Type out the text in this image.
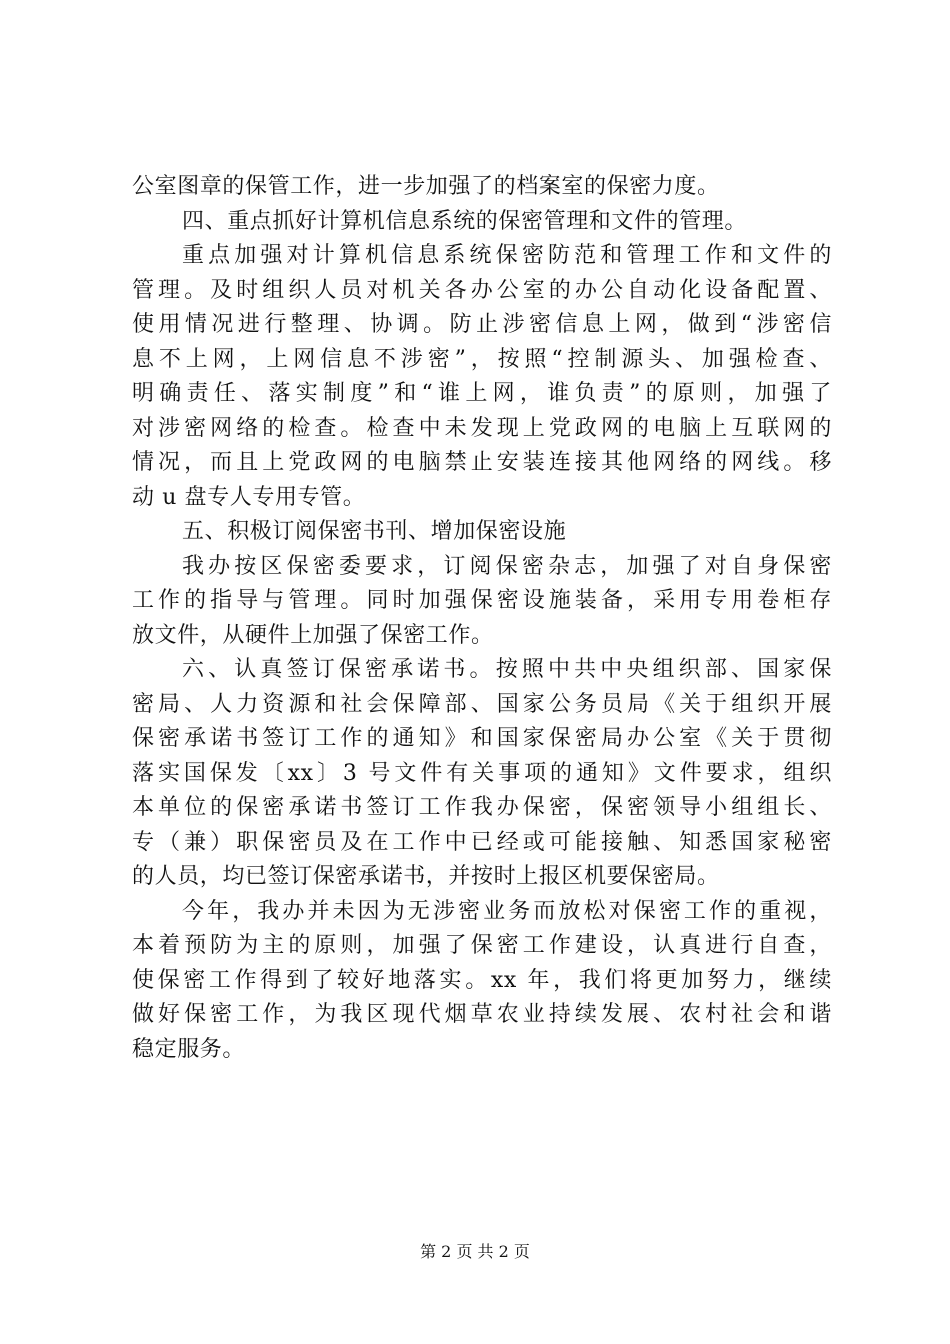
公室图章的保管工作，进一步加强了的档案室的保密力度。
四、重点抓好计算机信息系统的保密管理和文件的管理。
重点加强对计算机信息系统保密防范和管理工作和文件的
管理。及时组织人员对机关各办公室的办公自动化设备配置、
使用情况进行整理、协调。防止涉密信息上网，做到“涉密信
息不上网，上网信息不涉密”，按照“控制源头、加强检查、
明确责任、落实制度”和“谁上网，谁负责”的原则，加强了
对涉密网络的检查。检查中未发现上党政网的电脑上互联网的
情况，而且上党政网的电脑禁止安装连接其他网络的网线。移
动 u 盘专人专用专管。
五、积极订阅保密书刊、增加保密设施
我办按区保密委要求，订阅保密杂志，加强了对自身保密
工作的指导与管理。同时加强保密设施装备，采用专用卷柜存
放文件，从硬件上加强了保密工作。
六、认真签订保密承诺书。按照中共中央组织部、国家保
密局、人力资源和社会保障部、国家公务员局《关于组织开展
保密承诺书签订工作的通知》和国家保密局办公室《关于贯彻
落实国保发〔xx〕3 号文件有关事项的通知》文件要求，组织
本单位的保密承诺书签订工作我办保密，保密领导小组组长、
专（兼）职保密员及在工作中已经或可能接触、知悉国家秘密
的人员，均已签订保密承诺书，并按时上报区机要保密局。
今年，我办并未因为无涉密业务而放松对保密工作的重视，
本着预防为主的原则，加强了保密工作建设，认真进行自查，
使保密工作得到了较好地落实。xx 年，我们将更加努力，继续
做好保密工作，为我区现代烟草农业持续发展、农村社会和谐
稳定服务。
第 2 页 共 2 页
